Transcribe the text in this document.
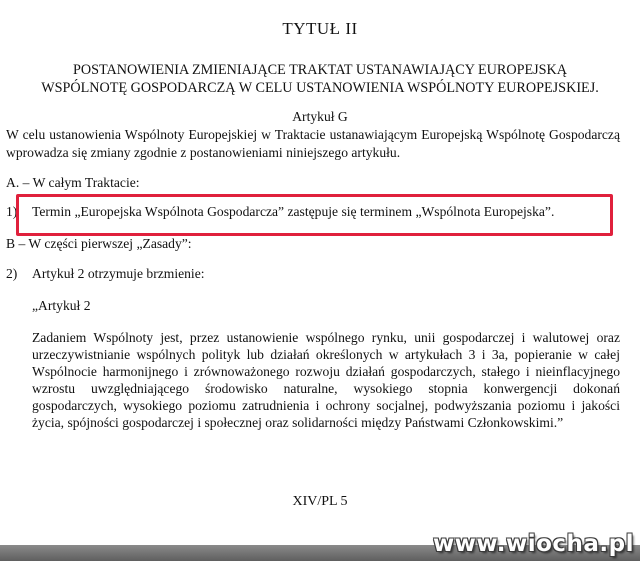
TYTUŁ II
POSTANOWIENIA ZMIENIAJĄCE TRAKTAT USTANAWIAJĄCY EUROPEJSKĄ
WSPÓLNOTĘ GOSPODARCZĄ W CELU USTANOWIENIA WSPÓLNOTY EUROPEJSKIEJ.
Artykuł G
W celu ustanowienia Wspólnoty Europejskiej w Traktacie ustanawiającym Europejską Wspólnotę Gospodarczą wprowadza się zmiany zgodnie z postanowieniami niniejszego artykułu.
A. – W całym Traktacie:
1) Termin „Europejska Wspólnota Gospodarcza” zastępuje się terminem „Wspólnota Europejska”.
B – W części pierwszej „Zasady”:
2) Artykuł 2 otrzymuje brzmienie:
„Artykuł 2
Zadaniem Wspólnoty jest, przez ustanowienie wspólnego rynku, unii gospodarczej i walutowej oraz
urzeczywistnianie wspólnych polityk lub działań określonych w artykułach 3 i 3a, popieranie w całej
Wspólnocie harmonijnego i zrównoważonego rozwoju działań gospodarczych, stałego i nieinflacyjnego
wzrostu uwzględniającego środowisko naturalne, wysokiego stopnia konwergencji dokonań
gospodarczych, wysokiego poziomu zatrudnienia i ochrony socjalnej, podwyższania poziomu i jakości
życia, spójności gospodarczej i społecznej oraz solidarności między Państwami Członkowskimi.”
XIV/PL 5
www.wiocha.pl
